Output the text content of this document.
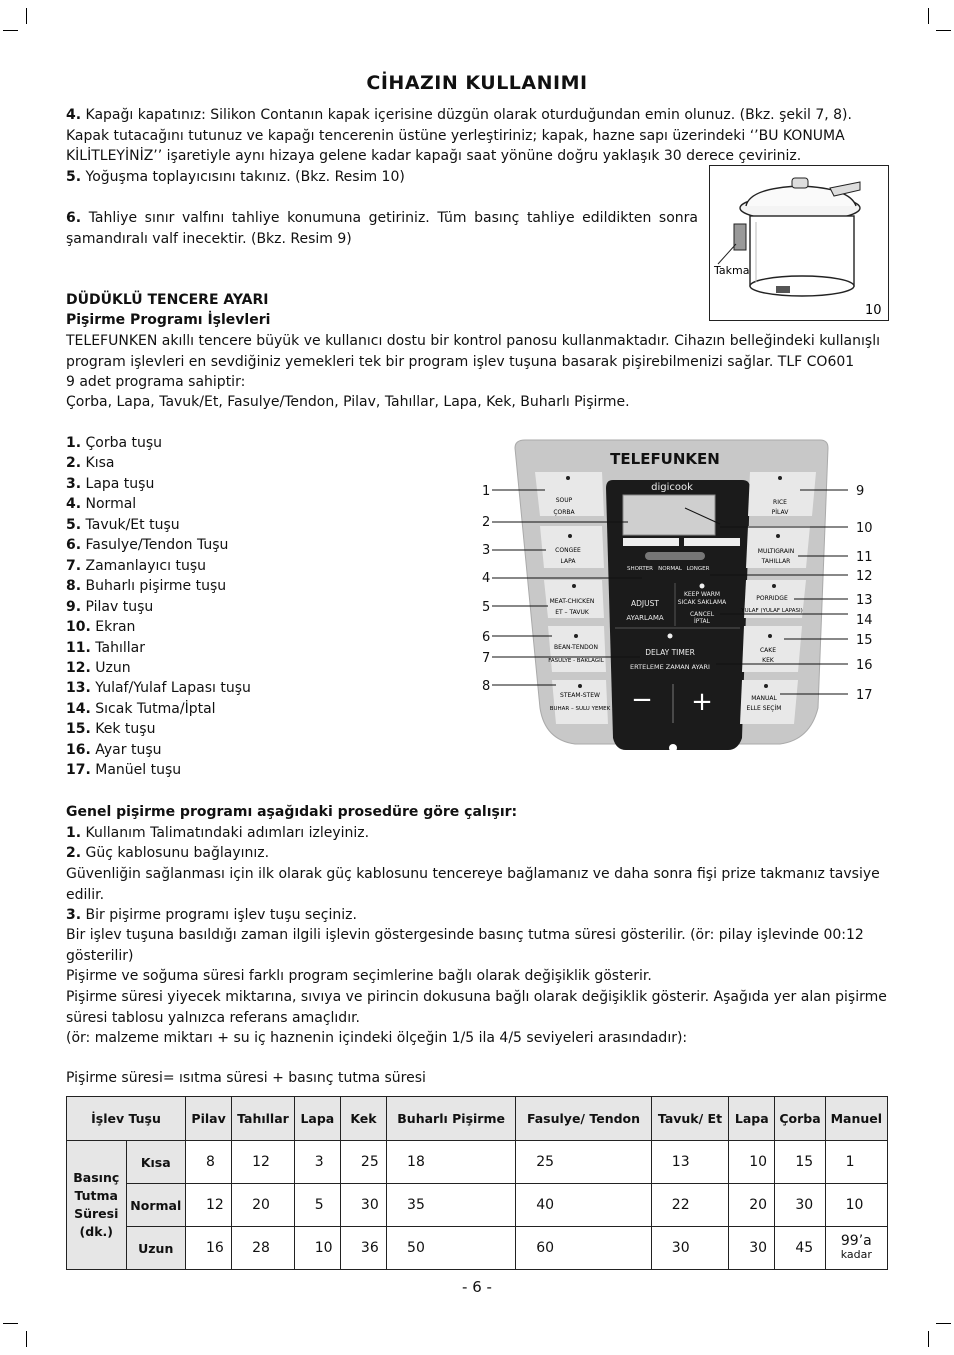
CİHAZIN KULLANIMI

4. Kapağı kapatınız: Silikon Contanın kapak içerisine düzgün olarak oturduğundan emin olunuz. (Bkz. şekil 7, 8). Kapak tutacağını tutunuz ve kapağı tencerenin üstüne yerleştiriniz; kapak, hazne sapı üzerindeki ‘’BU KONUMA KİLİTLEYİNİZ’’ işaretiyle aynı hizaya gelene kadar kapağı saat yönüne doğru yaklaşık 30 derece çeviriniz.

5. Yoğuşma toplayıcısını takınız. (Bkz. Resim 10)

6. Tahliye sınır valfını tahliye konumuna getiriniz. Tüm basınç tahliye edildikten sonra şamandıralı valf inecektir. (Bkz. Resim 9)

Takma
10

DÜDÜKLÜ TENCERE AYARI

Pişirme Programı İşlevleri

TELEFUNKEN akıllı tencere büyük ve kullanıcı dostu bir kontrol panosu kullanmaktadır. Cihazın belleğindeki kullanışlı program işlevleri en sevdiğiniz yemekleri tek bir program işlev tuşuna basarak pişirebilmenizi sağlar. TLF CO601

9 adet programa sahiptir:

Çorba, Lapa, Tavuk/Et, Fasulye/Tendon, Pilav, Tahıllar, Lapa, Kek, Buharlı Pişirme.

1. Çorba tuşu
2. Kısa
3. Lapa tuşu
4. Normal
5. Tavuk/Et tuşu
6. Fasulye/Tendon Tuşu
7. Zamanlayıcı tuşu
8. Buharlı pişirme tuşu
9. Pilav tuşu
10. Ekran
11. Tahıllar
12. Uzun
13. Yulaf/Yulaf Lapası tuşu
14. Sıcak Tutma/İptal
15. Kek tuşu
16. Ayar tuşu
17. Manüel tuşu
TELEFUNKEN
digicook
SHORTER NORMAL LONGER
ADJUST
AYARLAMA
KEEP WARM
SICAK SAKLAMA
CANCEL
İPTAL
DELAY TIMER
ERTELEME ZAMAN AYARI
− +
SOUP
ÇORBA
CONGEE
LAPA
MEAT-CHICKEN
ET – TAVUK
BEAN-TENDON
FASULYE - BAKLAGİL
STEAM-STEW
BUHAR – SULU YEMEK
RICE
PİLAV
MULTIGRAIN
TAHILLAR
PORRIDGE
YULAF (YULAF LAPASI)
CAKE
KEK
MANUAL
ELLE SEÇİM
1
2
3
4
5
6
7
8
9
10
11
12
13
14
15
16
17

Genel pişirme programı aşağıdaki prosedüre göre çalışır:

1. Kullanım Talimatındaki adımları izleyiniz.

2. Güç kablosunu bağlayınız.

Güvenliğin sağlanması için ilk olarak güç kablosunu tencereye bağlamanız ve daha sonra fişi prize takmanız tavsiye edilir.

3. Bir pişirme programı işlev tuşu seçiniz.

Bir işlev tuşuna basıldığı zaman ilgili işlevin göstergesinde basınç tutma süresi gösterilir. (ör: pilay işlevinde 00:12 gösterilir)

Pişirme ve soğuma süresi farklı program seçimlerine bağlı olarak değişiklik gösterir.

Pişirme süresi yiyecek miktarına, sıvıya ve pirincin dokusuna bağlı olarak değişiklik gösterir. Aşağıda yer alan pişirme süresi tablosu yalnızca referans amaçlıdır.

(ör: malzeme miktarı + su iç haznenin içindeki ölçeğin 1/5 ila 4/5 seviyeleri arasındadır):

Pişirme süresi= ısıtma süresi + basınç tutma süresi

İşlev Tuşu		Pilav	Tahıllar	Lapa	Kek	Buharlı Pişirme	Fasulye/ Tendon	Tavuk/ Et	Lapa	Çorba	Manuel
Basınç Tutma Süresi (dk.)	Kısa	8	12	3	25	18	25	13	10	15	1
	Normal	12	20	5	30	35	40	22	20	30	10
	Uzun	16	28	10	36	50	60	30	30	45	99’a
kadar
- 6 -
